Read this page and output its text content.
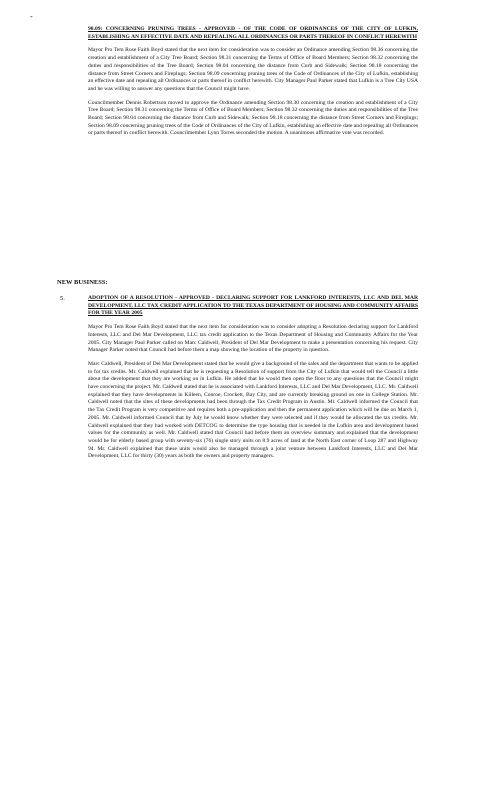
-

98.09: CONCERNING PRUNING TREES - APPROVED - OF THE CODE OF ORDINANCES OF THE CITY OF LUFKIN, ESTABLISHING AN EFFECTIVE DATE AND REPEALING ALL ORDINANCES OR PARTS THEREOF IN CONFLICT HEREWITH

Mayor Pro Tem Rose Faith Boyd stated that the next item for consideration was to consider an Ordinance amending Section 98.36 concerning the creation and establishment of a City Tree Board; Section 98.31 concerning the Terms of Office of Board Members; Section 98.32 concerning the duties and responsibilities of the Tree Board; Section 98.04 concerning the distance from Curb and Sidewalk; Section 98.18 concerning the distance from Street Corners and Fireplugs; Section 98.09 concerning pruning trees of the Code of Ordinances of the City of Lufkin, establishing an effective date and repealing all Ordinances or parts thereof in conflict herewith. City Manager Paul Parker stated that Lufkin is a Tree City USA and he was willing to answer any questions that the Council might have.

Councilmember Dennis Robertson moved to approve the Ordinance amending Section 98.30 concerning the creation and establishment of a City Tree Board; Section 98.31 concerning the Terms of Office of Board Members; Section 98.32 concerning the duties and responsibilities of the Tree Board; Section 98.04 concerning the distance from Curb and Sidewalk; Section 98.18 concerning the distance from Street Corners and Fireplugs; Section 98.09 concerning pruning trees of the Code of Ordinances of the City of Lufkin, establishing an effective date and repealing all Ordinances or parts thereof in conflict herewith. Councilmember Lynn Torres seconded the motion. A unanimous affirmative vote was recorded.

NEW BUSINESS:
5.	ADOPTION OF A RESOLUTION - APPROVED - DECLARING SUPPORT FOR LANKFORD INTERESTS, LLC AND DEL MAR DEVELOPMENT, LLC TAX CREDIT APPLICATION TO THE TEXAS DEPARTMENT OF HOUSING AND COMMUNITY AFFAIRS FOR THE YEAR 2005

Mayor Pro Tem Rose Faith Boyd stated that the next item for consideration was to consider adopting a Resolution declaring support for Lankford Interests, LLC and Del Mar Development, LLC tax credit application to the Texas Department of Housing and Community Affairs for the Year 2005. City Manager Paul Parker called on Marc Caldwell, President of Del Mar Development to make a presentation concerning his request. City Manager Parker noted that Council had before them a map showing the location of the property in question.

Marc Caldwell, President of Del Mar Development stated that he would give a background of the sales and the department that wants to be applied to for tax credits. Mr. Caldwell explained that he is requesting a Resolution of support from the City of Lufkin that would tell the Council a little about the development that they are working on in Lufkin. He added that he would then open the floor to any questions that the Council might have concerning the project. Mr. Caldwell stated that he is associated with Lankford Interests, LLC and Del Mar Development, LLC. Mr. Caldwell explained that they have developments in Killeen, Conroe, Crockett, Bay City, and are currently breaking ground on one in College Station. Mr. Caldwell noted that the sites of these developments had been through the Tax Credit Program in Austin. Mr. Caldwell informed the Council that the Tax Credit Program is very competitive and requires both a pre-application and then the permanent application which will be due on March 1, 2005. Mr. Caldwell informed Council that by July he would know whether they were selected and if they would be allocated the tax credits. Mr. Caldwell explained that they had worked with DETCOG to determine the type housing that is needed in the Lufkin area and development based values for the community as well. Mr. Caldwell stated that Council had before them an overview summary and explained that the development would be for elderly based group with seventy-six (76) single story units on 8.9 acres of land at the North East corner of Loop 287 and Highway 94. Mr. Caldwell explained that these units would also be managed through a joint venture between Lankford Interests, LLC and Del Mar Development, LLC for thirty (30) years as both the owners and property managers.
